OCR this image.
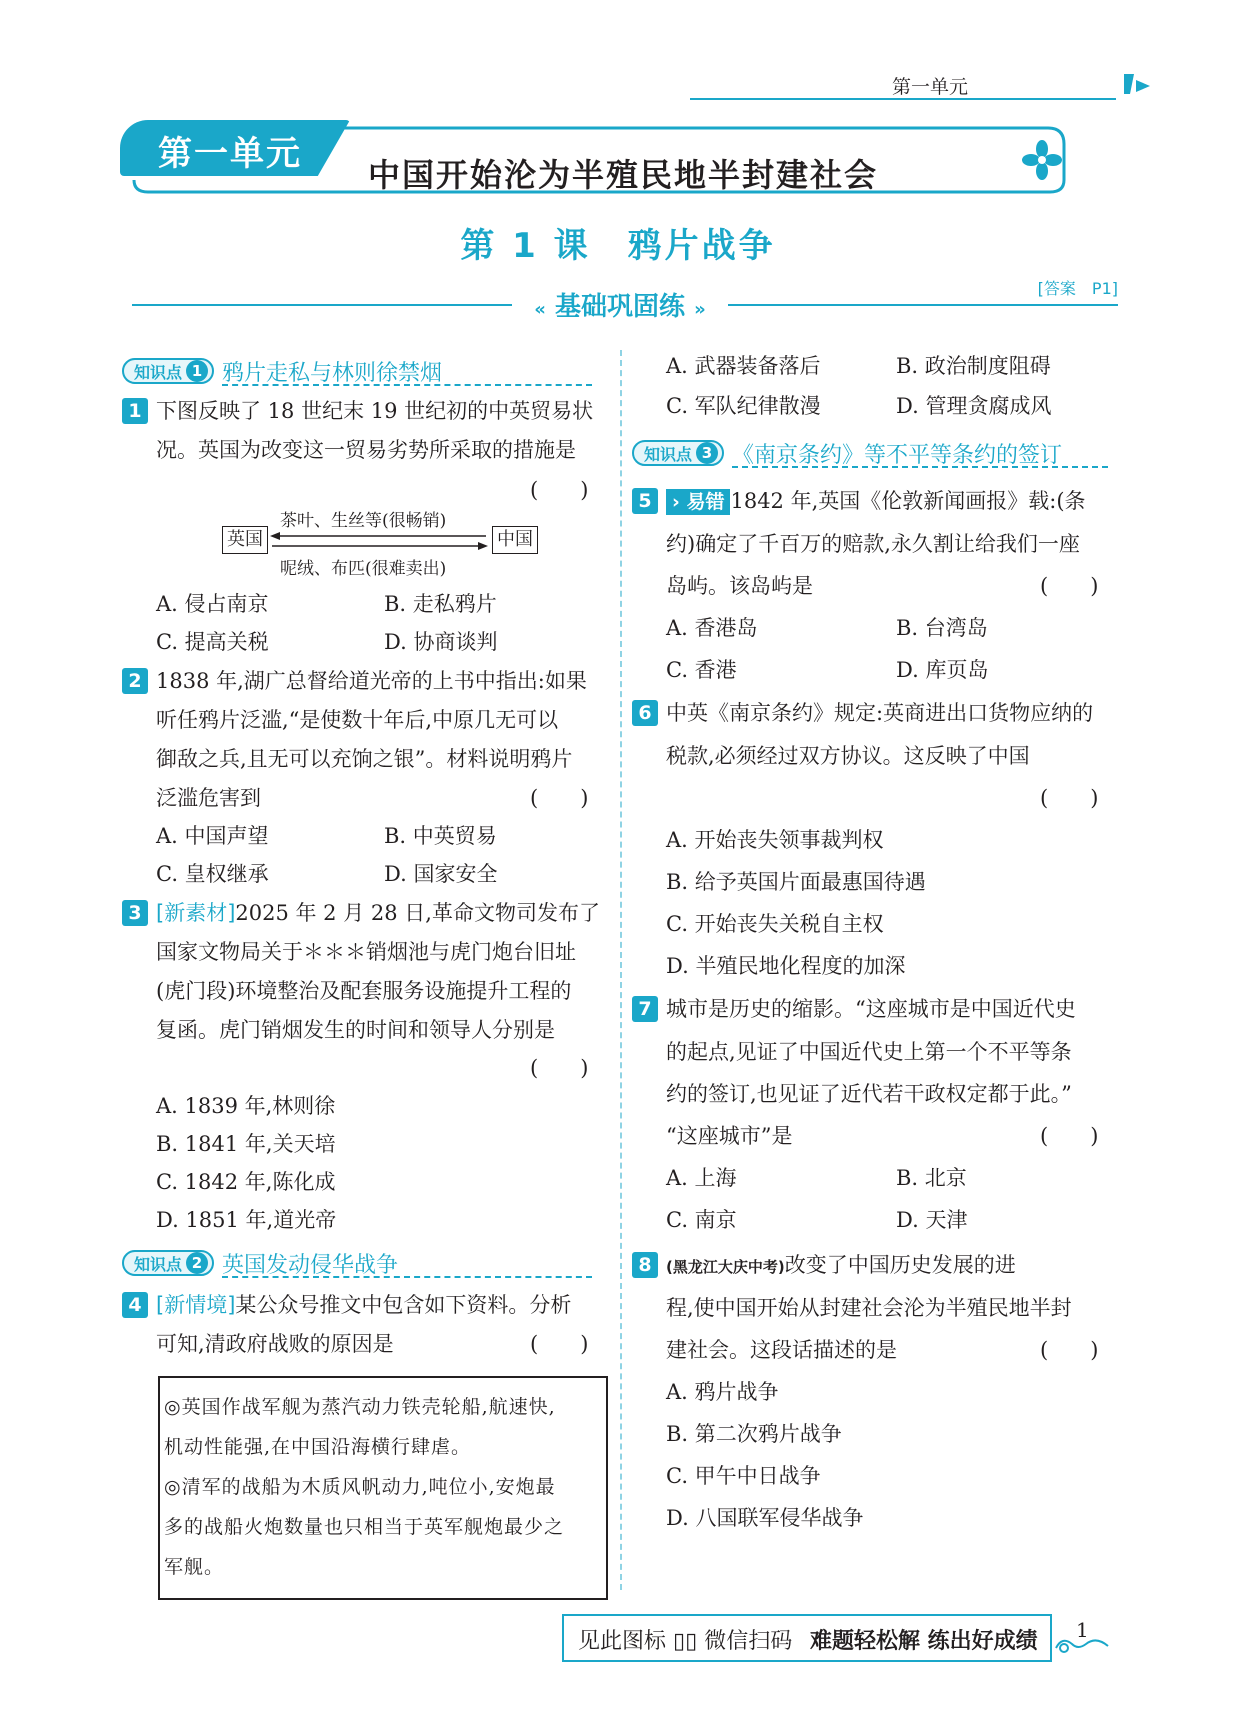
第一单元
第一单元
中国开始沦为半殖民地半封建社会
第 1 课　鸦片战争
[答案　P1]
« 基础巩固练 »
知识点 1 鸦片走私与林则徐禁烟
1 下图反映了 18 世纪末 19 世纪初的中英贸易状
况。英国为改变这一贸易劣势所采取的措施是
(　　)
英国	中国
茶叶、生丝等(很畅销)
呢绒、布匹(很难卖出)
A. 侵占南京	B. 走私鸦片
C. 提高关税	D. 协商谈判
2 1838 年,湖广总督给道光帝的上书中指出:如果
听任鸦片泛滥,“是使数十年后,中原几无可以
御敌之兵,且无可以充饷之银”。材料说明鸦片
泛滥危害到	(　　)
A. 中国声望	B. 中英贸易
C. 皇权继承	D. 国家安全
3 [新素材]2025 年 2 月 28 日,革命文物司发布了
国家文物局关于＊＊＊销烟池与虎门炮台旧址
(虎门段)环境整治及配套服务设施提升工程的
复函。虎门销烟发生的时间和领导人分别是
(　　)
A. 1839 年,林则徐
B. 1841 年,关天培
C. 1842 年,陈化成
D. 1851 年,道光帝
知识点 2 英国发动侵华战争
4 [新情境]某公众号推文中包含如下资料。分析
可知,清政府战败的原因是	(　　)
◎英国作战军舰为蒸汽动力铁壳轮船,航速快,
机动性能强,在中国沿海横行肆虐。
◎清军的战船为木质风帆动力,吨位小,安炮最
多的战船火炮数量也只相当于英军舰炮最少之
军舰。
A. 武器装备落后	B. 政治制度阻碍
C. 军队纪律散漫	D. 管理贪腐成风
知识点 3 《南京条约》等不平等条约的签订
5	› 易错 1842 年,英国《伦敦新闻画报》载:(条
约)确定了千百万的赔款,永久割让给我们一座
岛屿。该岛屿是	(　　)
A. 香港岛	B. 台湾岛
C. 香港	D. 库页岛
6 中英《南京条约》规定:英商进出口货物应纳的
税款,必须经过双方协议。这反映了中国
(　　)
A. 开始丧失领事裁判权
B. 给予英国片面最惠国待遇
C. 开始丧失关税自主权
D. 半殖民地化程度的加深
7 城市是历史的缩影。“这座城市是中国近代史
的起点,见证了中国近代史上第一个不平等条
约的签订,也见证了近代若干政权定都于此。”
“这座城市”是	(　　)
A. 上海	B. 北京
C. 南京	D. 天津
8 (黑龙江大庆中考)改变了中国历史发展的进
程,使中国开始从封建社会沦为半殖民地半封
建社会。这段话描述的是	(　　)
A. 鸦片战争
B. 第二次鸦片战争
C. 甲午中日战争
D. 八国联军侵华战争
见此图标 ▯▯ 微信扫码 难题轻松解 练出好成绩 1
